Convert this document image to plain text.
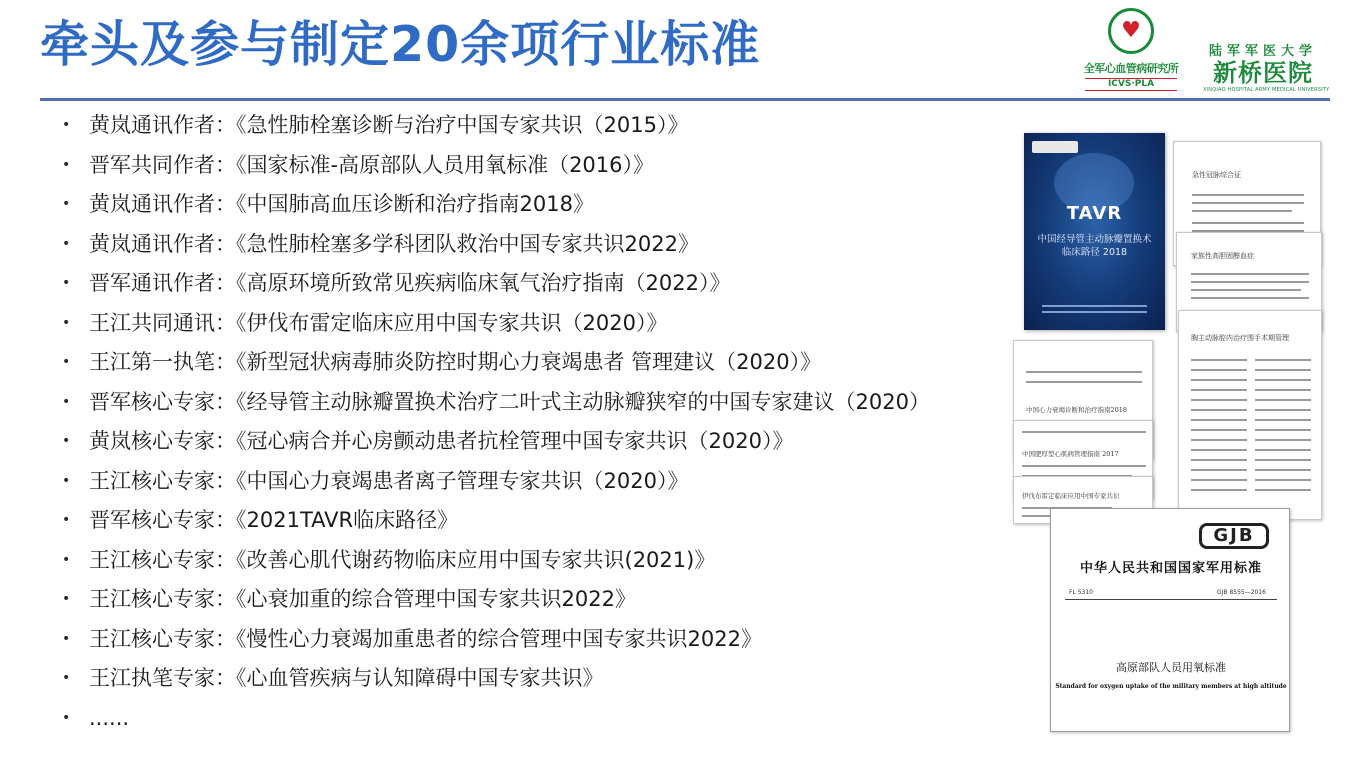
牵头及参与制定20余项行业标准	♥
全军心血管病研究所
ICVS·PLA
陆军军医大学
新桥医院
XINQIAO HOSPITAL ARMY MEDICAL UNIVERSITY
• 黄岚通讯作者：《急性肺栓塞诊断与治疗中国专家共识（2015）》
• 晋军共同作者：《国家标准-高原部队人员用氧标准（2016）》
• 黄岚通讯作者：《中国肺高血压诊断和治疗指南2018》
• 黄岚通讯作者：《急性肺栓塞多学科团队救治中国专家共识2022》
• 晋军通讯作者：《高原环境所致常见疾病临床氧气治疗指南（2022）》
• 王江共同通讯：《伊伐布雷定临床应用中国专家共识（2020）》
• 王江第一执笔：《新型冠状病毒肺炎防控时期心力衰竭患者 管理建议（2020）》
• 晋军核心专家：《经导管主动脉瓣置换术治疗二叶式主动脉瓣狭窄的中国专家建议（2020）
• 黄岚核心专家：《冠心病合并心房颤动患者抗栓管理中国专家共识（2020）》
• 王江核心专家：《中国心力衰竭患者离子管理专家共识（2020）》
• 晋军核心专家：《2021TAVR临床路径》
• 王江核心专家：《改善心肌代谢药物临床应用中国专家共识(2021)》
• 王江核心专家：《心衰加重的综合管理中国专家共识2022》
• 王江核心专家：《慢性心力衰竭加重患者的综合管理中国专家共识2022》
• 王江执笔专家：《心血管疾病与认知障碍中国专家共识》
• ......
TAVR
中国经导管主动脉瓣置换术
临床路径 2018
急性冠脉综合征
家族性高胆固醇血症
胸主动脉腔内治疗围手术期管理
中国心力衰竭诊断和治疗指南2018
中国肥厚型心肌病管理指南 2017
伊伐布雷定临床应用中国专家共识
GJB
中华人民共和国国家军用标准
FL 5310	GJB 8555—2016
高原部队人员用氧标准
Standard for oxygen uptake of the military members at high altitude
